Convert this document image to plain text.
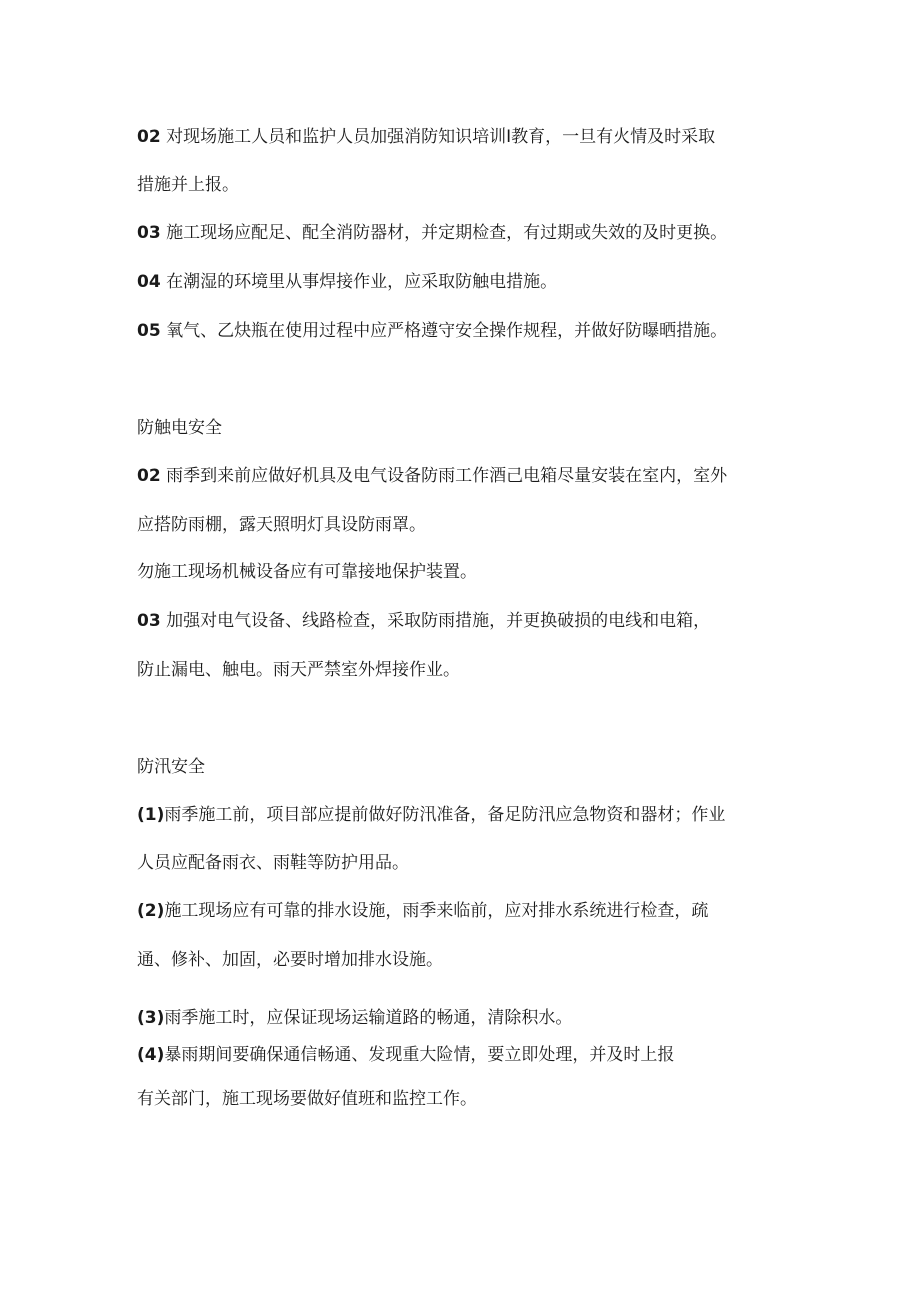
02 对现场施工人员和监护人员加强消防知识培训Ⅰ教育，一旦有火情及时采取
措施并上报。
03 施工现场应配足、配全消防器材，并定期检查，有过期或失效的及时更换。
04 在潮湿的环境里从事焊接作业，应采取防触电措施。
05 氧气、乙炔瓶在使用过程中应严格遵守安全操作规程，并做好防曝晒措施。
防触电安全
02 雨季到来前应做好机具及电气设备防雨工作酒己电箱尽量安装在室内，室外
应搭防雨棚，露天照明灯具设防雨罩。
勿施工现场机械设备应有可靠接地保护装置。
03 加强对电气设备、线路检查，采取防雨措施，并更换破损的电线和电箱，
防止漏电、触电。雨天严禁室外焊接作业。
防汛安全
(1)雨季施工前，项目部应提前做好防汛准备，备足防汛应急物资和器材；作业
人员应配备雨衣、雨鞋等防护用品。
(2)施工现场应有可靠的排水设施，雨季来临前，应对排水系统进行检查，疏
通、修补、加固，必要时增加排水设施。
(3)雨季施工时，应保证现场运输道路的畅通，清除积水。
(4)暴雨期间要确保通信畅通、发现重大险情，要立即处理，并及时上报
有关部门，施工现场要做好值班和监控工作。
